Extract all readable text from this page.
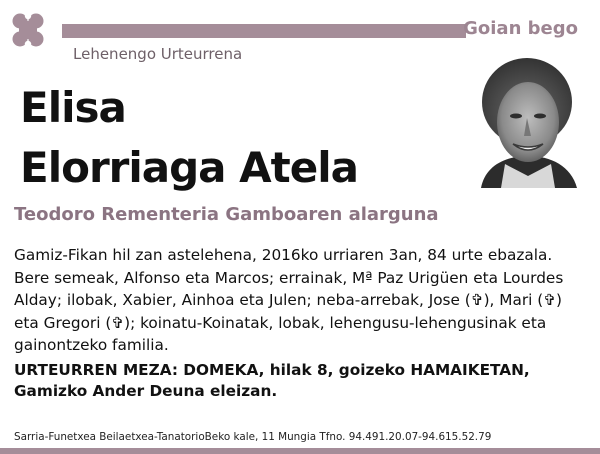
Goian bego
Lehenengo Urteurrena
Elisa
Elorriaga Atela
Teodoro Rementeria Gamboaren alarguna

Gamiz-Fikan hil zan astelehena, 2016ko urriaren 3an, 84 urte ebazala. Bere semeak, Alfonso eta Marcos; errainak, Mª Paz Urigüen eta Lourdes Alday; ilobak, Xabier, Ainhoa eta Julen; neba-arrebak, Jose (✞), Mari (✞) eta Gregori (✞); koinatu-Koinatak, lobak, lehengusu-lehengusinak eta gainontzeko familia.

URTEURREN MEZA: DOMEKA, hilak 8, goizeko HAMAIKETAN, Gamizko Ander Deuna eleizan.
Sarria-Funetxea Beilaetxea-TanatorioBeko kale, 11 Mungia Tfno. 94.491.20.07-94.615.52.79
